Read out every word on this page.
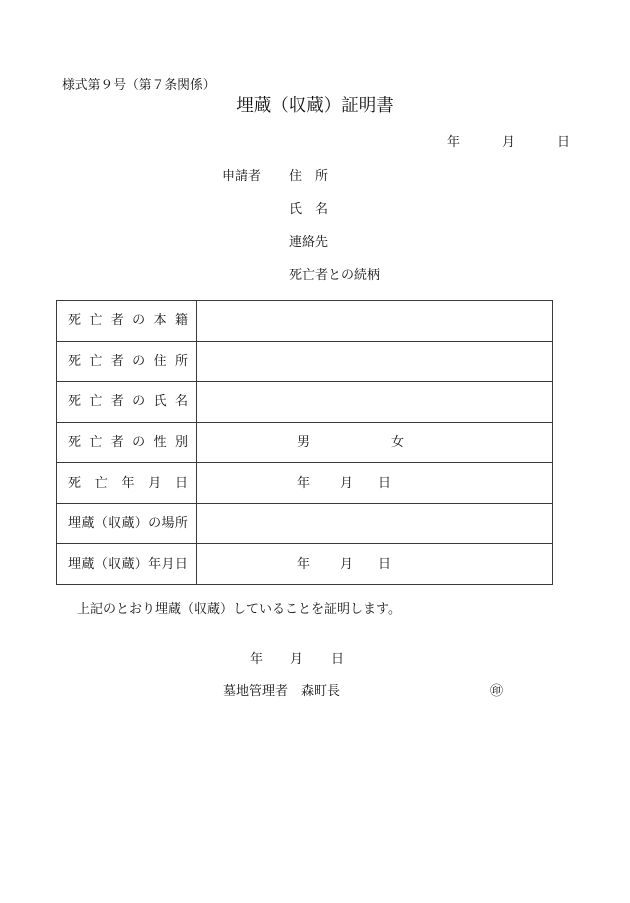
様式第９号（第７条関係）
埋蔵（収蔵）証明書
年	月	日
申請者 住　所
氏　名
連絡先
死亡者との続柄
死 亡 者 の 本 籍
死 亡 者 の 住 所
死 亡 者 の 氏 名
死 亡 者 の 性 別	男	女
死 亡 年 月 日	年 月 日
埋 蔵 （ 収 蔵 ） の 場 所
埋 蔵 （ 収 蔵 ） 年 月 日	年 月 日
上記のとおり埋蔵（収蔵）していることを証明します。
年 月 日
墓地管理者　森町長	㊞
